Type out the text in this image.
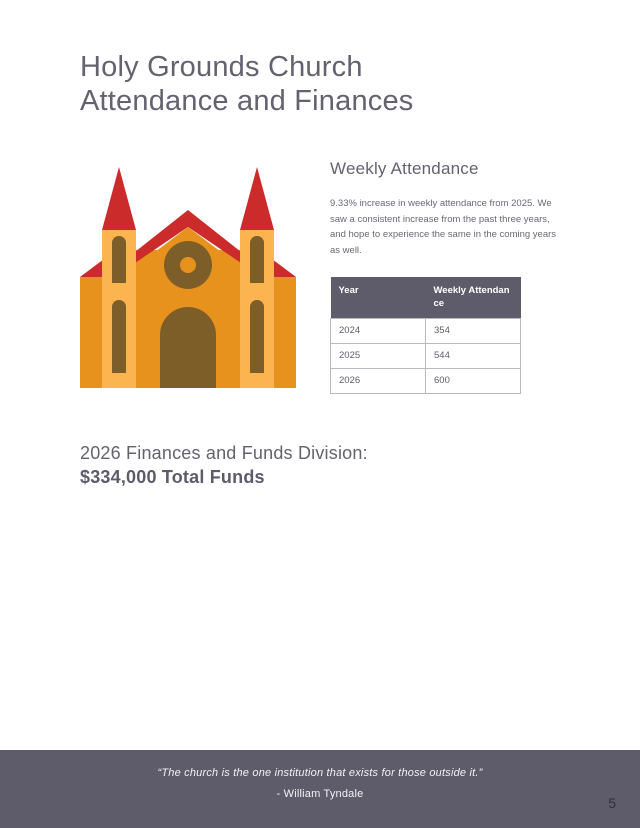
Holy Grounds Church
Attendance and Finances
Weekly Attendance

9.33% increase in weekly attendance from 2025. We saw a consistent increase from the past three years, and hope to experience the same in the coming years as well.

Year	Weekly Attendance
2024	354
2025	544
2026	600
2026 Finances and Funds Division:
$334,000 Total Funds
“The church is the one institution that exists for those outside it.”
- William Tyndale
5
